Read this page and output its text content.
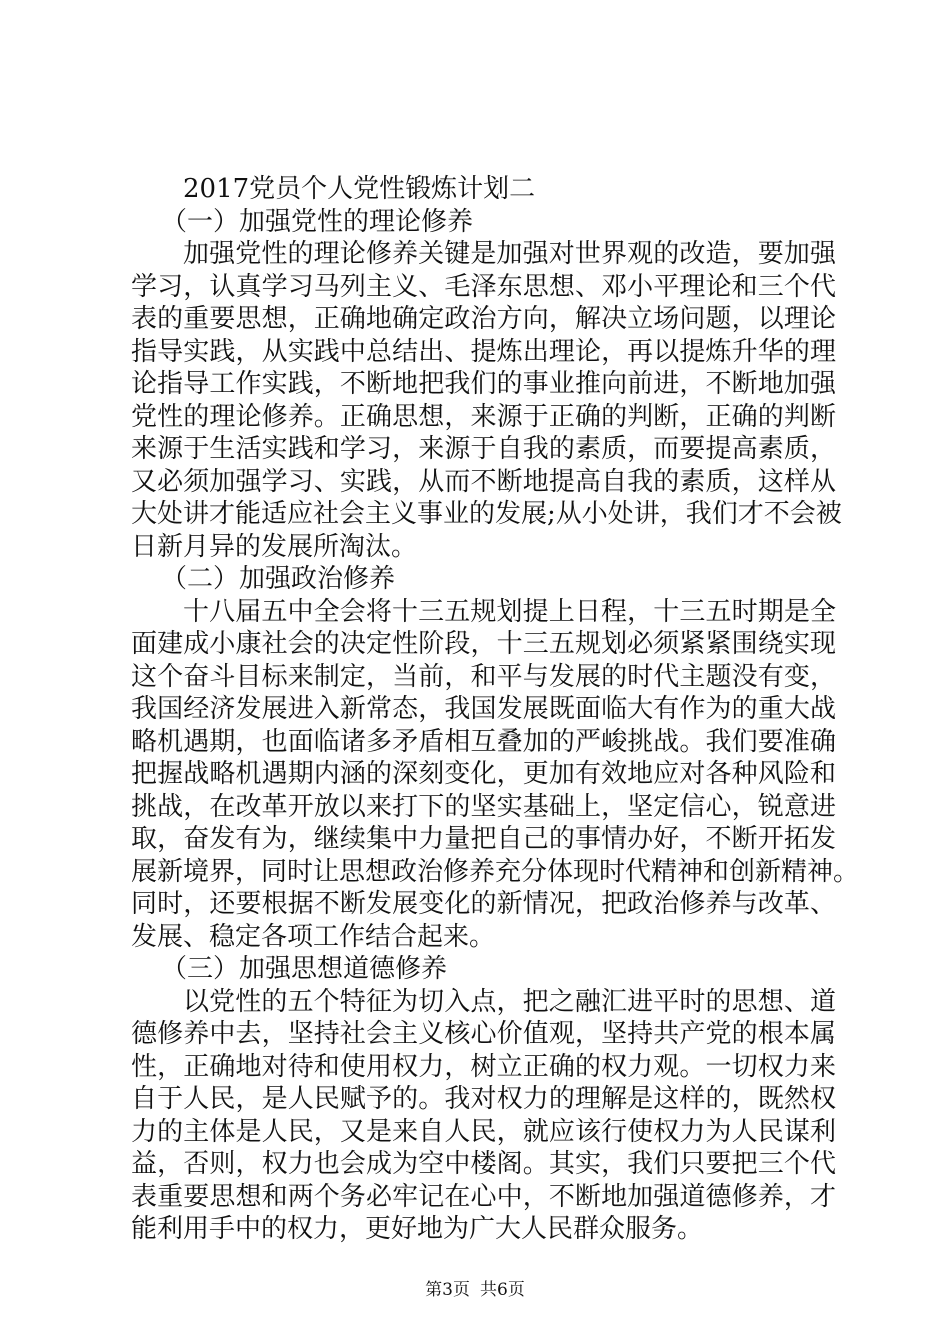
2017党员个人党性锻炼计划二
（一）加强党性的理论修养
加强党性的理论修养关键是加强对世界观的改造，要加强
学习，认真学习马列主义、毛泽东思想、邓小平理论和三个代
表的重要思想，正确地确定政治方向，解决立场问题，以理论
指导实践，从实践中总结出、提炼出理论，再以提炼升华的理
论指导工作实践，不断地把我们的事业推向前进，不断地加强
党性的理论修养。正确思想，来源于正确的判断，正确的判断
来源于生活实践和学习，来源于自我的素质，而要提高素质，
又必须加强学习、实践，从而不断地提高自我的素质，这样从
大处讲才能适应社会主义事业的发展;从小处讲，我们才不会被
日新月异的发展所淘汰。
（二）加强政治修养
十八届五中全会将十三五规划提上日程，十三五时期是全
面建成小康社会的决定性阶段，十三五规划必须紧紧围绕实现
这个奋斗目标来制定，当前，和平与发展的时代主题没有变，
我国经济发展进入新常态，我国发展既面临大有作为的重大战
略机遇期，也面临诸多矛盾相互叠加的严峻挑战。我们要准确
把握战略机遇期内涵的深刻变化，更加有效地应对各种风险和
挑战，在改革开放以来打下的坚实基础上，坚定信心，锐意进
取，奋发有为，继续集中力量把自己的事情办好，不断开拓发
展新境界，同时让思想政治修养充分体现时代精神和创新精神。
同时，还要根据不断发展变化的新情况，把政治修养与改革、
发展、稳定各项工作结合起来。
（三）加强思想道德修养
以党性的五个特征为切入点，把之融汇进平时的思想、道
德修养中去，坚持社会主义核心价值观，坚持共产党的根本属
性，正确地对待和使用权力，树立正确的权力观。一切权力来
自于人民，是人民赋予的。我对权力的理解是这样的，既然权
力的主体是人民，又是来自人民，就应该行使权力为人民谋利
益，否则，权力也会成为空中楼阁。其实，我们只要把三个代
表重要思想和两个务必牢记在心中，不断地加强道德修养，才
能利用手中的权力，更好地为广大人民群众服务。
第3页 共6页
